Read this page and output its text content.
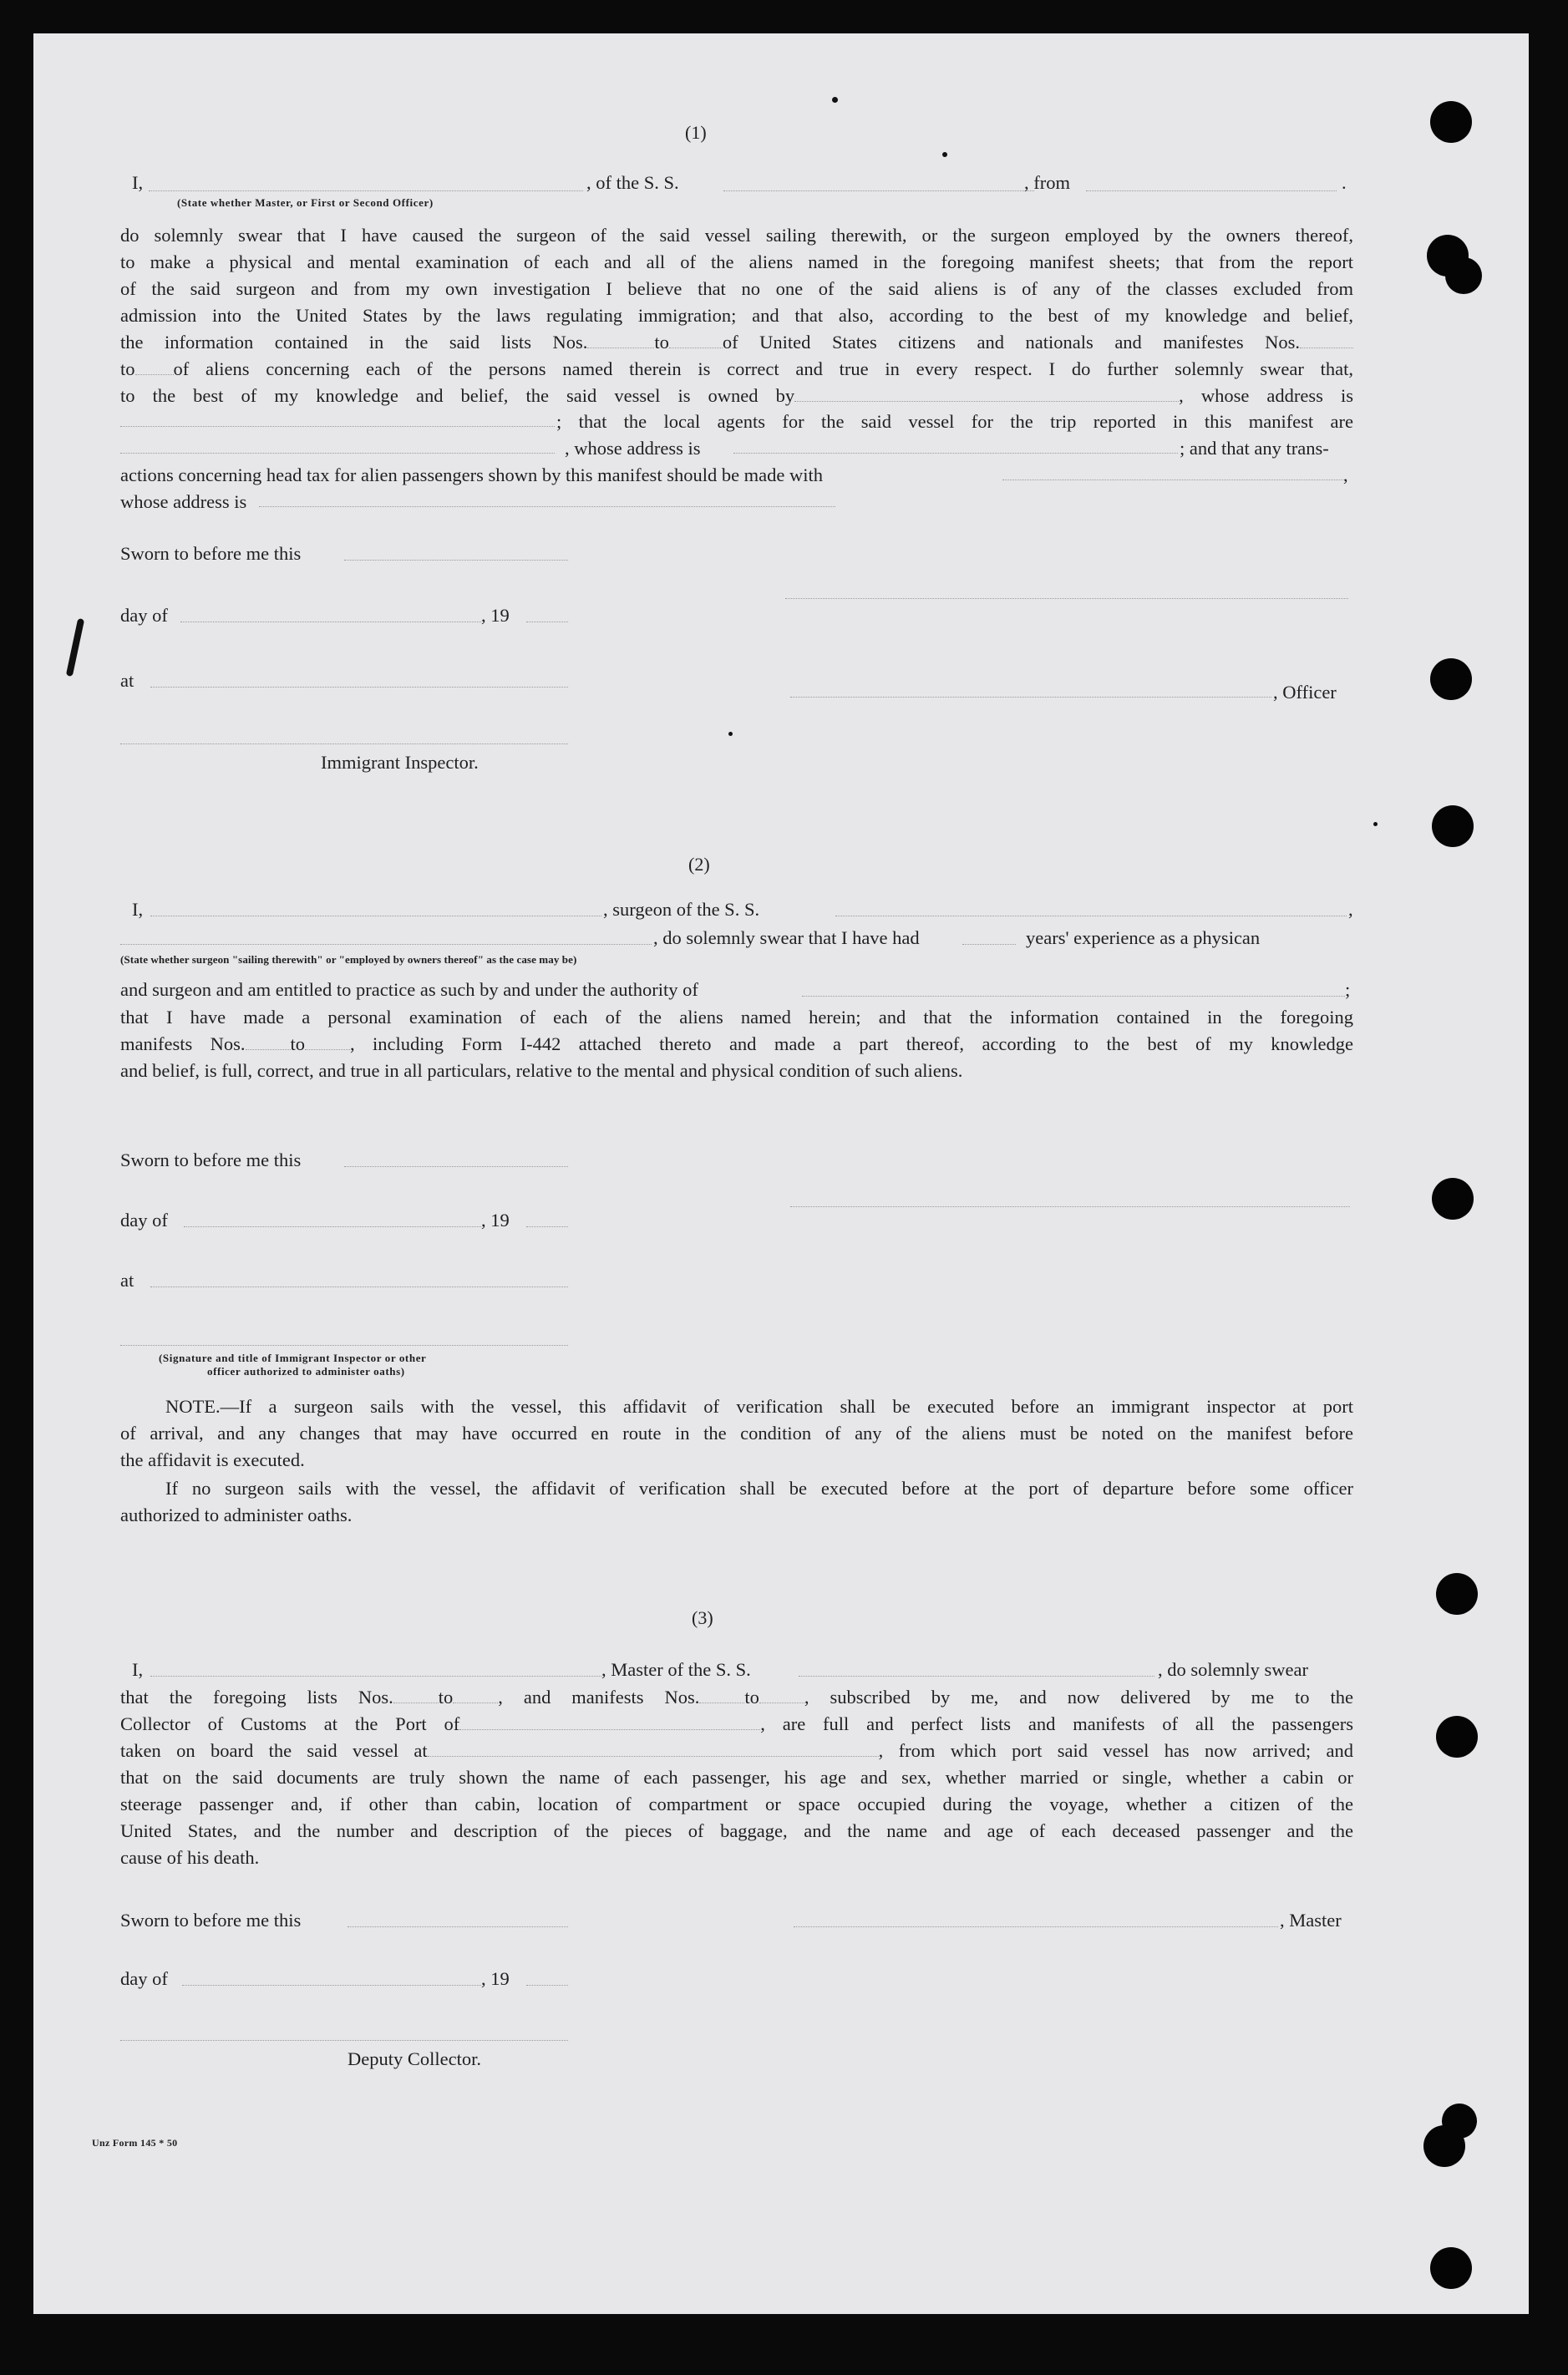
(1)
I,	, of the S. S.	, from	.
(State whether Master, or First or Second Officer)
do solemnly swear that I have caused the surgeon of the said vessel sailing therewith, or the surgeon employed by the owners thereof,
to make a physical and mental examination of each and all of the aliens named in the foregoing manifest sheets; that from the report
of the said surgeon and from my own investigation I believe that no one of the said aliens is of any of the classes excluded from
admission into the United States by the laws regulating immigration; and that also, according to the best of my knowledge and belief,
the information contained in the said lists Nos.	to	of United States citizens and nationals and manifestes Nos.
to of aliens concerning each of the persons named therein is correct and true in every respect. I do further solemnly swear that,
to the best of my knowledge and belief, the said vessel is owned by	, whose address is
; that the local agents for the said vessel for the trip reported in this manifest are
, whose address is	; and that any trans-
actions concerning head tax for alien passengers shown by this manifest should be made with	,
whose address is
Sworn to before me this
day of	, 19
at
, Officer
Immigrant Inspector.
(2)
I,	, surgeon of the S. S.	,
, do solemnly swear that I have had	years' experience as a physican
(State whether surgeon "sailing therewith" or "employed by owners thereof" as the case may be)
and surgeon and am entitled to practice as such by and under the authority of	;
that I have made a personal examination of each of the aliens named herein; and that the information contained in the foregoing
manifests Nos. to , including Form I-442 attached thereto and made a part thereof, according to the best of my knowledge
and belief, is full, correct, and true in all particulars, relative to the mental and physical condition of such aliens.
Sworn to before me this
day of	, 19
at
(Signature and title of Immigrant Inspector or other
officer authorized to administer oaths)
NOTE.—If a surgeon sails with the vessel, this affidavit of verification shall be executed before an immigrant inspector at port
of arrival, and any changes that may have occurred en route in the condition of any of the aliens must be noted on the manifest before
the affidavit is executed.
If no surgeon sails with the vessel, the affidavit of verification shall be executed before at the port of departure before some officer
authorized to administer oaths.
(3)
I,	, Master of the S. S.	, do solemnly swear
that the foregoing lists Nos. to , and manifests Nos. to , subscribed by me, and now delivered by me to the
Collector of Customs at the Port of	, are full and perfect lists and manifests of all the passengers
taken on board the said vessel at	, from which port said vessel has now arrived; and
that on the said documents are truly shown the name of each passenger, his age and sex, whether married or single, whether a cabin or
steerage passenger and, if other than cabin, location of compartment or space occupied during the voyage, whether a citizen of the
United States, and the number and description of the pieces of baggage, and the name and age of each deceased passenger and the
cause of his death.
Sworn to before me this	, Master
day of	, 19
Deputy Collector.
Unz Form 145 * 50
